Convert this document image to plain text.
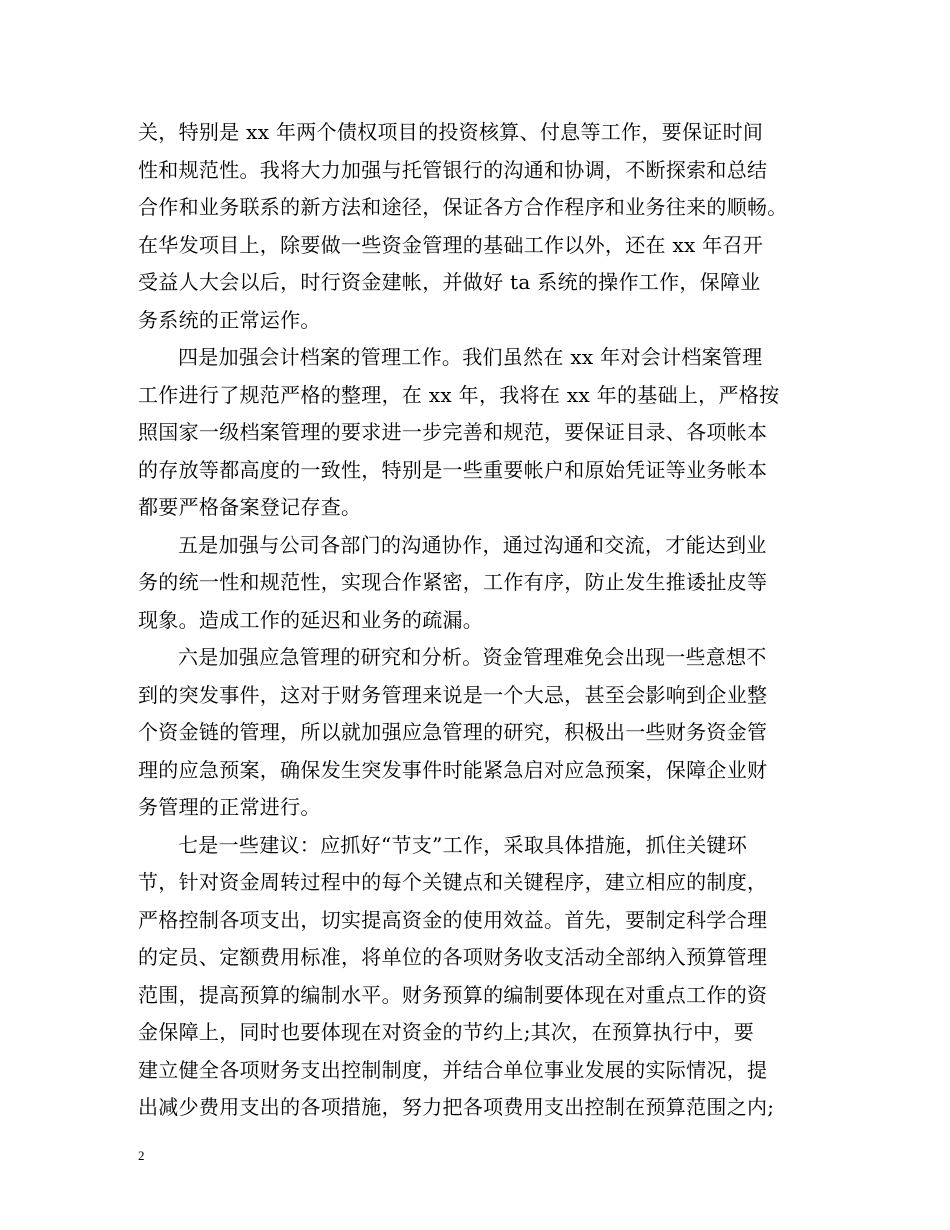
关，特别是 xx 年两个债权项目的投资核算、付息等工作，要保证时间
性和规范性。我将大力加强与托管银行的沟通和协调，不断探索和总结
合作和业务联系的新方法和途径，保证各方合作程序和业务往来的顺畅。
在华发项目上，除要做一些资金管理的基础工作以外，还在 xx 年召开
受益人大会以后，时行资金建帐，并做好 ta 系统的操作工作，保障业
务系统的正常运作。
四是加强会计档案的管理工作。我们虽然在 xx 年对会计档案管理
工作进行了规范严格的整理，在 xx 年，我将在 xx 年的基础上，严格按
照国家一级档案管理的要求进一步完善和规范，要保证目录、各项帐本
的存放等都高度的一致性，特别是一些重要帐户和原始凭证等业务帐本
都要严格备案登记存查。
五是加强与公司各部门的沟通协作，通过沟通和交流，才能达到业
务的统一性和规范性，实现合作紧密，工作有序，防止发生推诿扯皮等
现象。造成工作的延迟和业务的疏漏。
六是加强应急管理的研究和分析。资金管理难免会出现一些意想不
到的突发事件，这对于财务管理来说是一个大忌，甚至会影响到企业整
个资金链的管理，所以就加强应急管理的研究，积极出一些财务资金管
理的应急预案，确保发生突发事件时能紧急启对应急预案，保障企业财
务管理的正常进行。
七是一些建议：应抓好“节支”工作，采取具体措施，抓住关键环
节，针对资金周转过程中的每个关键点和关键程序，建立相应的制度，
严格控制各项支出，切实提高资金的使用效益。首先，要制定科学合理
的定员、定额费用标准，将单位的各项财务收支活动全部纳入预算管理
范围，提高预算的编制水平。财务预算的编制要体现在对重点工作的资
金保障上，同时也要体现在对资金的节约上;其次，在预算执行中，要
建立健全各项财务支出控制制度，并结合单位事业发展的实际情况，提
出减少费用支出的各项措施，努力把各项费用支出控制在预算范围之内;
2
